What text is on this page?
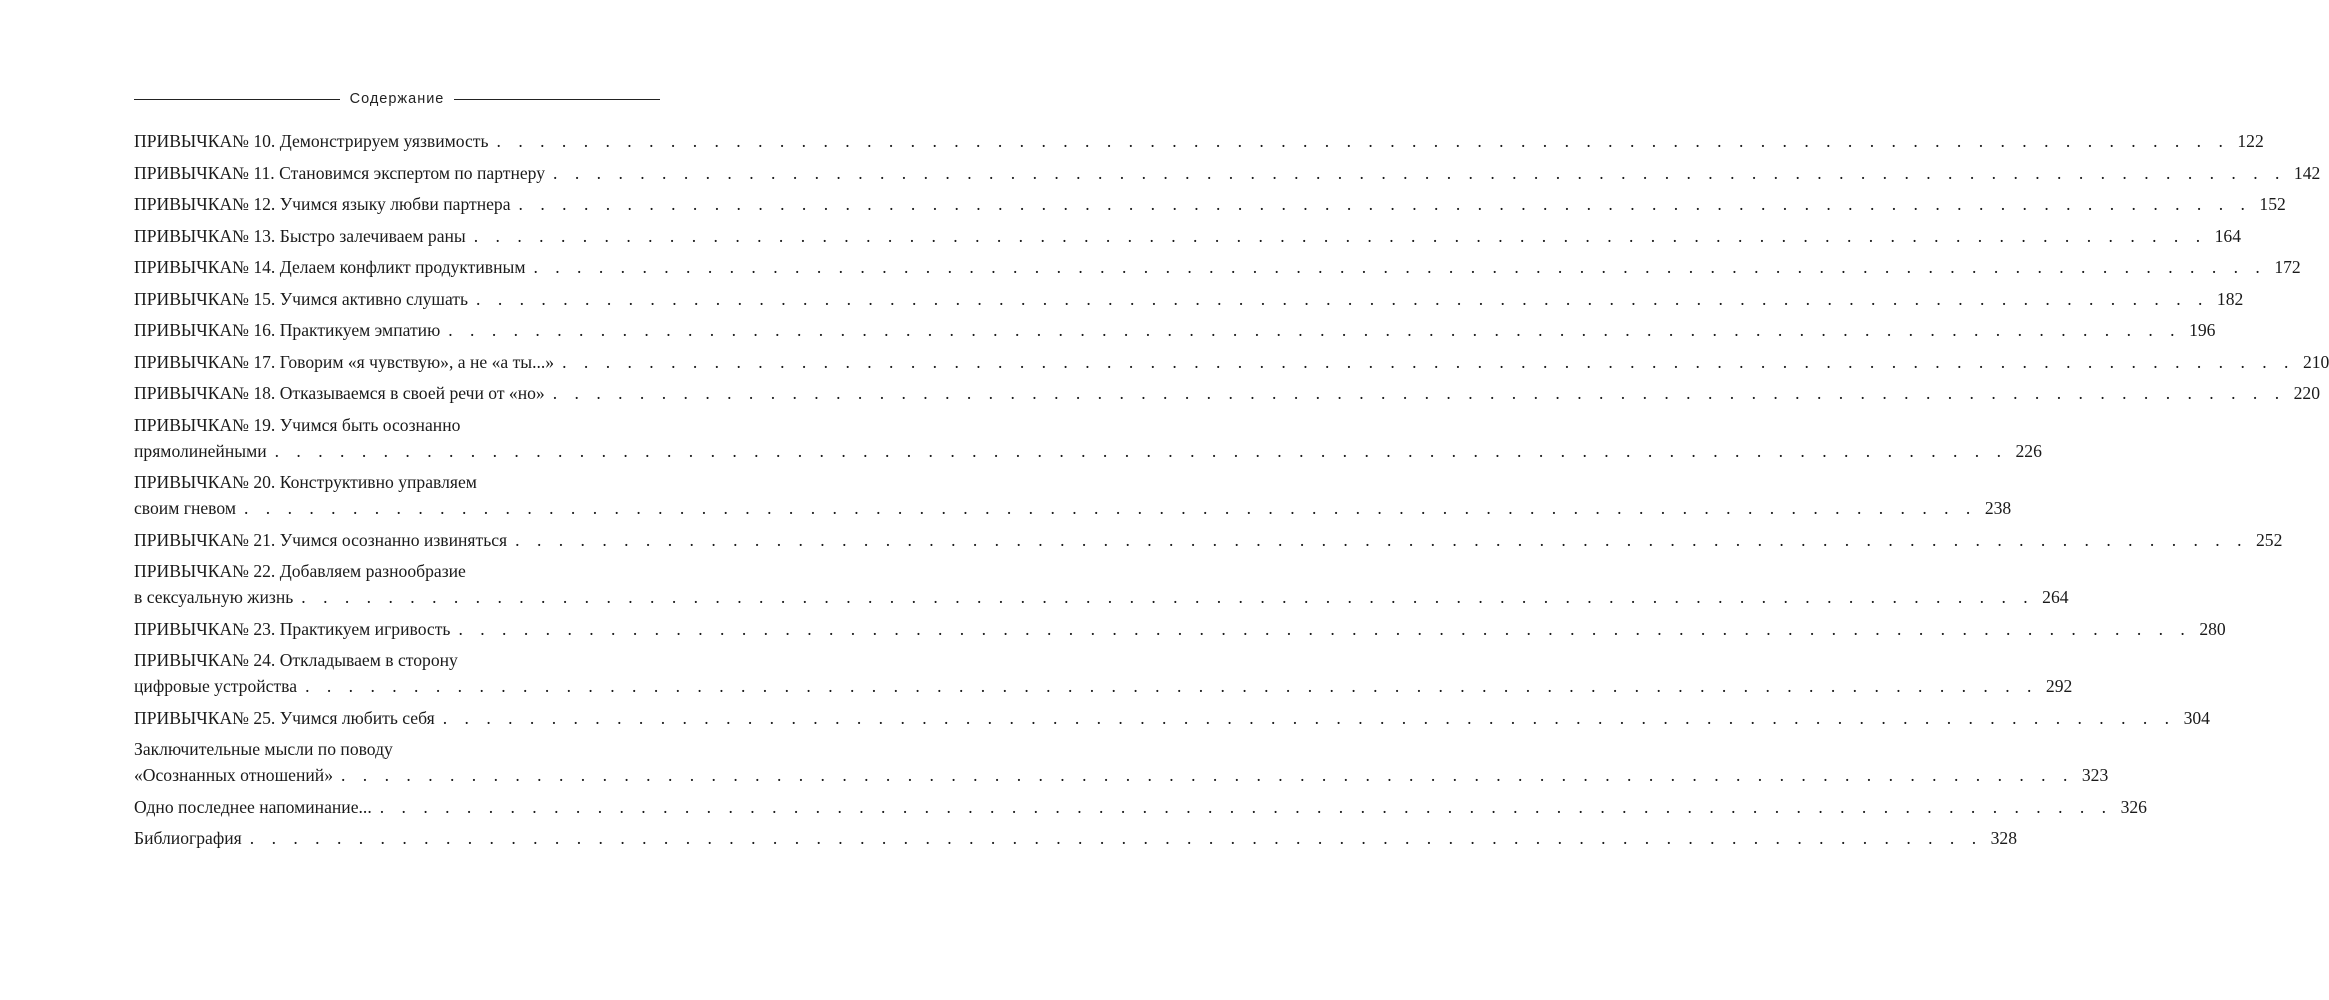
Содержание
ПРИВЫЧКА№ 10. Демонстрируем уязвимость . . . . . . . . . . . . . . . . . . . . . . . . . . . . . . . . . . . . . . . . . . . . . . . . . . . . . . . . . . . . . . . . . . . . . . . . . . . . . . . . 122
ПРИВЫЧКА№ 11. Становимся экспертом по партнеру . . . . . . . . . . . . . . . . . . . . . . . . . . . . . . . . . . . . . . . . . . . . . . . . . . . . . . . . . . . . . . . . . . . . . . . . . . . . . . . . 142
ПРИВЫЧКА№ 12. Учимся языку любви партнера . . . . . . . . . . . . . . . . . . . . . . . . . . . . . . . . . . . . . . . . . . . . . . . . . . . . . . . . . . . . . . . . . . . . . . . . . . . . . . . . 152
ПРИВЫЧКА№ 13. Быстро залечиваем раны . . . . . . . . . . . . . . . . . . . . . . . . . . . . . . . . . . . . . . . . . . . . . . . . . . . . . . . . . . . . . . . . . . . . . . . . . . . . . . . . 164
ПРИВЫЧКА№ 14. Делаем конфликт продуктивным . . . . . . . . . . . . . . . . . . . . . . . . . . . . . . . . . . . . . . . . . . . . . . . . . . . . . . . . . . . . . . . . . . . . . . . . . . . . . . . . 172
ПРИВЫЧКА№ 15. Учимся активно слушать . . . . . . . . . . . . . . . . . . . . . . . . . . . . . . . . . . . . . . . . . . . . . . . . . . . . . . . . . . . . . . . . . . . . . . . . . . . . . . . . 182
ПРИВЫЧКА№ 16. Практикуем эмпатию . . . . . . . . . . . . . . . . . . . . . . . . . . . . . . . . . . . . . . . . . . . . . . . . . . . . . . . . . . . . . . . . . . . . . . . . . . . . . . . . 196
ПРИВЫЧКА№ 17. Говорим «я чувствую», а не «а ты...» . . . . . . . . . . . . . . . . . . . . . . . . . . . . . . . . . . . . . . . . . . . . . . . . . . . . . . . . . . . . . . . . . . . . . . . . . . . . . . . . 210
ПРИВЫЧКА№ 18. Отказываемся в своей речи от «но» . . . . . . . . . . . . . . . . . . . . . . . . . . . . . . . . . . . . . . . . . . . . . . . . . . . . . . . . . . . . . . . . . . . . . . . . . . . . . . . . 220
ПРИВЫЧКА№ 19. Учимся быть осознанно
прямолинейными . . . . . . . . . . . . . . . . . . . . . . . . . . . . . . . . . . . . . . . . . . . . . . . . . . . . . . . . . . . . . . . . . . . . . . . . . . . . . . . . 226
ПРИВЫЧКА№ 20. Конструктивно управляем
своим гневом . . . . . . . . . . . . . . . . . . . . . . . . . . . . . . . . . . . . . . . . . . . . . . . . . . . . . . . . . . . . . . . . . . . . . . . . . . . . . . . . 238
ПРИВЫЧКА№ 21. Учимся осознанно извиняться . . . . . . . . . . . . . . . . . . . . . . . . . . . . . . . . . . . . . . . . . . . . . . . . . . . . . . . . . . . . . . . . . . . . . . . . . . . . . . . . 252
ПРИВЫЧКА№ 22. Добавляем разнообразие
в сексуальную жизнь . . . . . . . . . . . . . . . . . . . . . . . . . . . . . . . . . . . . . . . . . . . . . . . . . . . . . . . . . . . . . . . . . . . . . . . . . . . . . . . . 264
ПРИВЫЧКА№ 23. Практикуем игривость . . . . . . . . . . . . . . . . . . . . . . . . . . . . . . . . . . . . . . . . . . . . . . . . . . . . . . . . . . . . . . . . . . . . . . . . . . . . . . . . 280
ПРИВЫЧКА№ 24. Откладываем в сторону
цифровые устройства . . . . . . . . . . . . . . . . . . . . . . . . . . . . . . . . . . . . . . . . . . . . . . . . . . . . . . . . . . . . . . . . . . . . . . . . . . . . . . . . 292
ПРИВЫЧКА№ 25. Учимся любить себя . . . . . . . . . . . . . . . . . . . . . . . . . . . . . . . . . . . . . . . . . . . . . . . . . . . . . . . . . . . . . . . . . . . . . . . . . . . . . . . . 304
Заключительные мысли по поводу
«Осознанных отношений» . . . . . . . . . . . . . . . . . . . . . . . . . . . . . . . . . . . . . . . . . . . . . . . . . . . . . . . . . . . . . . . . . . . . . . . . . . . . . . . . 323
Одно последнее напоминание... . . . . . . . . . . . . . . . . . . . . . . . . . . . . . . . . . . . . . . . . . . . . . . . . . . . . . . . . . . . . . . . . . . . . . . . . . . . . . . . . 326
Библиография . . . . . . . . . . . . . . . . . . . . . . . . . . . . . . . . . . . . . . . . . . . . . . . . . . . . . . . . . . . . . . . . . . . . . . . . . . . . . . . . 328
